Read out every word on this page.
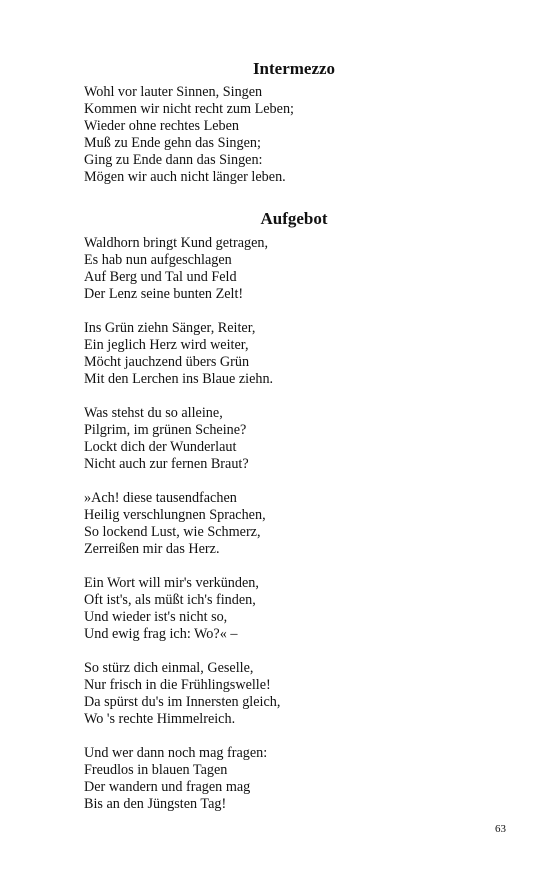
Intermezzo
Wohl vor lauter Sinnen, Singen
Kommen wir nicht recht zum Leben;
Wieder ohne rechtes Leben
Muß zu Ende gehn das Singen;
Ging zu Ende dann das Singen:
Mögen wir auch nicht länger leben.
Aufgebot
Waldhorn bringt Kund getragen,
Es hab nun aufgeschlagen
Auf Berg und Tal und Feld
Der Lenz seine bunten Zelt!
Ins Grün ziehn Sänger, Reiter,
Ein jeglich Herz wird weiter,
Möcht jauchzend übers Grün
Mit den Lerchen ins Blaue ziehn.
Was stehst du so alleine,
Pilgrim, im grünen Scheine?
Lockt dich der Wunderlaut
Nicht auch zur fernen Braut?
»Ach! diese tausendfachen
Heilig verschlungnen Sprachen,
So lockend Lust, wie Schmerz,
Zerreißen mir das Herz.
Ein Wort will mir's verkünden,
Oft ist's, als müßt ich's finden,
Und wieder ist's nicht so,
Und ewig frag ich: Wo?« –
So stürz dich einmal, Geselle,
Nur frisch in die Frühlingswelle!
Da spürst du's im Innersten gleich,
Wo 's rechte Himmelreich.
Und wer dann noch mag fragen:
Freudlos in blauen Tagen
Der wandern und fragen mag
Bis an den Jüngsten Tag!
63
